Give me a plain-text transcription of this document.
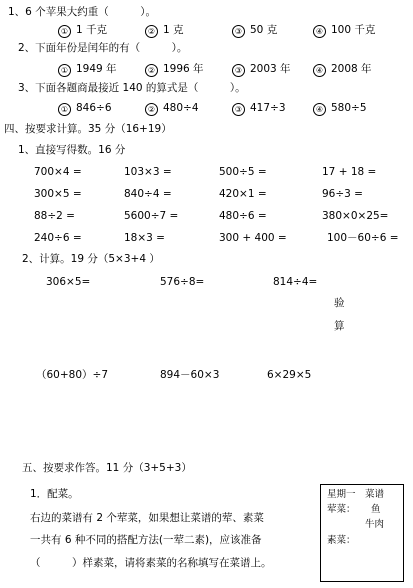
1、6 个苹果大约重（　　　）。
① 1 千克	② 1 克	③ 50 克	④ 100 千克
2、下面年份是闰年的有（　　　）。
① 1949 年	② 1996 年	③ 2003 年	④ 2008 年
3、下面各题商最接近 140 的算式是（　　　）。
① 846÷6	② 480÷4	③ 417÷3	④ 580÷5
四、按要求计算。35 分（16+19）
1、直接写得数。16 分
700×4 =	103×3 =	500÷5 =	17 + 18 =
300×5 =	840÷4 =	420×1 =	96÷3 =
88÷2 =	5600÷7 =	480÷6 =	380×0×25=
240÷6 =	18×3 =	300 + 400 =	100－60÷6 =
2、计算。19 分（5×3+4 ）
306×5=	576÷8=	814÷4=
验
算
（60+80）÷7	894－60×3	6×29×5
五、按要求作答。11 分（3+5+3）
1．配菜。
右边的菜谱有 2 个荤菜，如果想让菜谱的荤、素菜
一共有 6 种不同的搭配方法(一荤二素)，应该准备
（　　　）样素菜，请将素菜的名称填写在菜谱上。
星期一　菜谱
荤菜： 鱼
牛肉
素菜：
